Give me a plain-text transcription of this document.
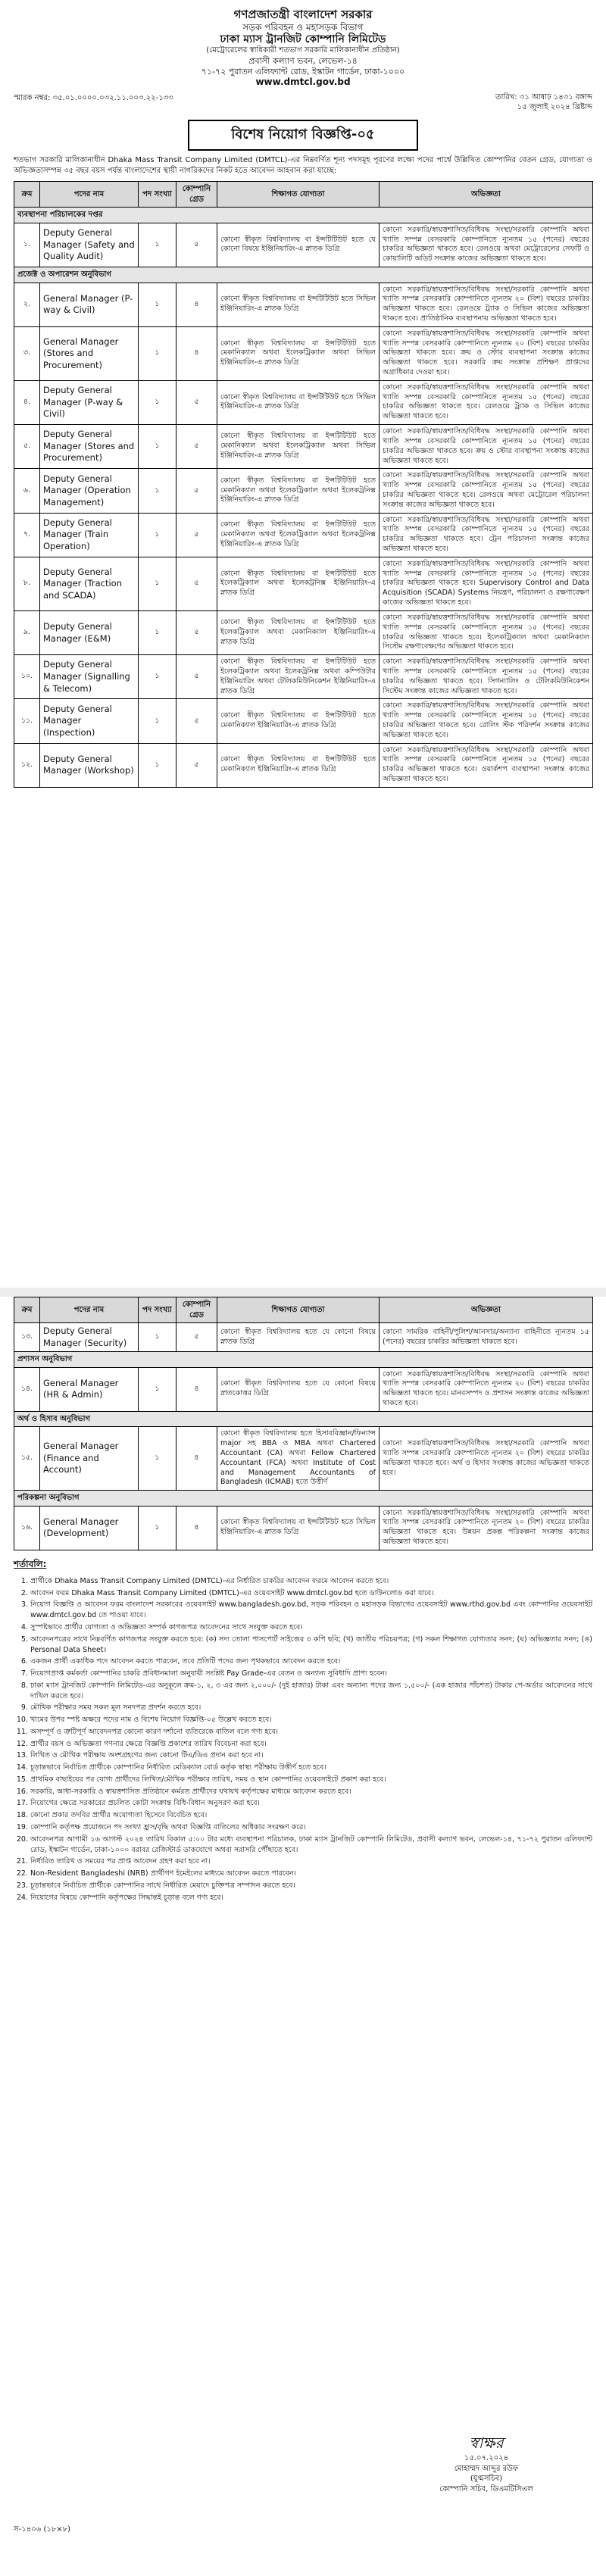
গণপ্রজাতন্ত্রী বাংলাদেশ সরকার
সড়ক পরিবহন ও মহাসড়ক বিভাগ
ঢাকা ম্যাস ট্রানজিট কোম্পানি লিমিটেড
(মেট্রোরেলের স্বাধিকারী শতভাগ সরকারি মালিকানাধীন প্রতিষ্ঠান)
প্রবাসী কল্যাণ ভবন, লেভেল-১৪
৭১-৭২ পুরাতন এলিফ্যান্ট রোড, ইস্কাটন গার্ডেন, ঢাকা-১০০০
www.dmtcl.gov.bd
স্মারক নম্বর: ৩৫.০১.০০০০.০৩২.১১.০০৩.২২-১৩৩	তারিখ: ৩১ আষাঢ় ১৪৩১ বঙ্গাব্দ
১৫ জুলাই ২০২৪ খ্রিষ্টাব্দ
বিশেষ নিয়োগ বিজ্ঞপ্তি-০৫
শতভাগ সরকারি মালিকানাধীন Dhaka Mass Transit Company Limited (DMTCL)-এর নিম্নবর্ণিত শূন্য পদসমূহ পূরণের লক্ষ্যে পদের পার্শ্বে উল্লিখিত কোম্পানির বেতন গ্রেড, যোগ্যতা ও অভিজ্ঞতাসম্পন্ন ৩৫ বছর বয়স পর্যন্ত বাংলাদেশের স্থায়ী নাগরিকদের নিকট হতে আবেদন আহবান করা যাচ্ছে:
ক্রম	পদের নাম	পদ সংখ্যা	কোম্পানি গ্রেড	শিক্ষাগত যোগ্যতা	অভিজ্ঞতা
ব্যবস্থাপনা পরিচালকের দপ্তর					
১.	Deputy General Manager (Safety and Quality Audit)	১	৫	কোনো স্বীকৃত বিশ্ববিদ্যালয় বা ইন্সটিটিউট হতে যে কোনো বিষয়ে ইঞ্জিনিয়ারিং-এ স্নাতক ডিগ্রি	কোনো সরকারি/স্বায়ত্তশাসিত/বিধিবদ্ধ সংস্থা/সরকারি কোম্পানি অথবা খ্যাতি সম্পন্ন বেসরকারি কোম্পানিতে ন্যূনতম ১৫ (পনের) বছরের চাকরির অভিজ্ঞতা থাকতে হবে। রেলওয়ে অথবা মেট্রোরেলের সেফটি ও কোয়ালিটি অডিট সংক্রান্ত কাজের অভিজ্ঞতা থাকতে হবে।
প্রজেক্ট ও অপারেশন অনুবিভাগ					
২.	General Manager (P-way & Civil)	১	৪	কোনো স্বীকৃত বিশ্ববিদ্যালয় বা ইন্সটিটিউট হতে সিভিল ইঞ্জিনিয়ারিং-এ স্নাতক ডিগ্রি	কোনো সরকারি/স্বায়ত্তশাসিত/বিধিবদ্ধ সংস্থা/সরকারি কোম্পানি অথবা খ্যাতি সম্পন্ন বেসরকারি কোম্পানিতে ন্যূনতম ২০ (বিশ) বছরের চাকরির অভিজ্ঞতা থাকতে হবে। রেলওয়ে ট্র্যাক ও সিভিল কাজের অভিজ্ঞতা থাকতে হবে। প্রাতিষ্ঠানিক ব্যবস্থাপনায় অভিজ্ঞতা থাকতে হবে।
৩.	General Manager (Stores and Procurement)	১	৪	কোনো স্বীকৃত বিশ্ববিদ্যালয় বা ইন্সটিটিউট হতে মেকানিক্যাল অথবা ইলেকট্রিক্যাল অথবা সিভিল ইঞ্জিনিয়ারিং-এ স্নাতক ডিগ্রি	কোনো সরকারি/স্বায়ত্তশাসিত/বিধিবদ্ধ সংস্থা/সরকারি কোম্পানি অথবা খ্যাতি সম্পন্ন বেসরকারি কোম্পানিতে ন্যূনতম ২০ (বিশ) বছরের চাকরির অভিজ্ঞতা থাকতে হবে। ক্রয় ও স্টোর ব্যবস্থাপনা সংক্রান্ত কাজের অভিজ্ঞতা থাকতে হবে। সরকারি ক্রয় সংক্রান্ত প্রশিক্ষণ প্রাপ্তদের অগ্রাধিকার দেওয়া হবে।
৪.	Deputy General Manager (P-way & Civil)	১	৫	কোনো স্বীকৃত বিশ্ববিদ্যালয় বা ইন্সটিটিউট হতে সিভিল ইঞ্জিনিয়ারিং-এ স্নাতক ডিগ্রি	কোনো সরকারি/স্বায়ত্তশাসিত/বিধিবদ্ধ সংস্থা/সরকারি কোম্পানি অথবা খ্যাতি সম্পন্ন বেসরকারি কোম্পানিতে ন্যূনতম ১৫ (পনের) বছরের চাকরির অভিজ্ঞতা থাকতে হবে। রেলওয়ে ট্র্যাক ও সিভিল কাজের অভিজ্ঞতা থাকতে হবে।
৫.	Deputy General Manager (Stores and Procurement)	১	৫	কোনো স্বীকৃত বিশ্ববিদ্যালয় বা ইন্সটিটিউট হতে মেকানিক্যাল অথবা ইলেকট্রিক্যাল অথবা সিভিল ইঞ্জিনিয়ারিং-এ স্নাতক ডিগ্রি	কোনো সরকারি/স্বায়ত্তশাসিত/বিধিবদ্ধ সংস্থা/সরকারি কোম্পানি অথবা খ্যাতি সম্পন্ন বেসরকারি কোম্পানিতে ন্যূনতম ১৫ (পনের) বছরের চাকরির অভিজ্ঞতা থাকতে হবে। ক্রয় ও স্টোর ব্যবস্থাপনা সংক্রান্ত কাজের অভিজ্ঞতা থাকতে হবে।
৬.	Deputy General Manager (Operation Management)	১	৫	কোনো স্বীকৃত বিশ্ববিদ্যালয় বা ইন্সটিটিউট হতে মেকানিক্যাল অথবা ইলেকট্রিক্যাল অথবা ইলেকট্রনিক্স ইঞ্জিনিয়ারিং-এ স্নাতক ডিগ্রি	কোনো সরকারি/স্বায়ত্তশাসিত/বিধিবদ্ধ সংস্থা/সরকারি কোম্পানি অথবা খ্যাতি সম্পন্ন বেসরকারি কোম্পানিতে ন্যূনতম ১৫ (পনের) বছরের চাকরির অভিজ্ঞতা থাকতে হবে। রেলওয়ে অথবা মেট্রোরেল পরিচালনা সংক্রান্ত কাজের অভিজ্ঞতা থাকতে হবে।
৭.	Deputy General Manager (Train Operation)	১	৫	কোনো স্বীকৃত বিশ্ববিদ্যালয় বা ইন্সটিটিউট হতে মেকানিক্যাল অথবা ইলেকট্রিক্যাল অথবা ইলেকট্রনিক্স ইঞ্জিনিয়ারিং-এ স্নাতক ডিগ্রি	কোনো সরকারি/স্বায়ত্তশাসিত/বিধিবদ্ধ সংস্থা/সরকারি কোম্পানি অথবা খ্যাতি সম্পন্ন বেসরকারি কোম্পানিতে ন্যূনতম ১৫ (পনের) বছরের চাকরির অভিজ্ঞতা থাকতে হবে। ট্রেন পরিচালনা সংক্রান্ত কাজের অভিজ্ঞতা থাকতে হবে।
৮.	Deputy General Manager (Traction and SCADA)	১	৫	কোনো স্বীকৃত বিশ্ববিদ্যালয় বা ইন্সটিটিউট হতে ইলেকট্রিক্যাল অথবা ইলেকট্রনিক্স ইঞ্জিনিয়ারিং-এ স্নাতক ডিগ্রি	কোনো সরকারি/স্বায়ত্তশাসিত/বিধিবদ্ধ সংস্থা/সরকারি কোম্পানি অথবা খ্যাতি সম্পন্ন বেসরকারি কোম্পানিতে ন্যূনতম ১৫ (পনের) বছরের চাকরির অভিজ্ঞতা থাকতে হবে। Supervisory Control and Data Acquisition (SCADA) Systems নিয়ন্ত্রণ, পরিচালনা ও রক্ষণাবেক্ষণ কাজের অভিজ্ঞতা থাকতে হবে।
৯.	Deputy General Manager (E&M)	১	৫	কোনো স্বীকৃত বিশ্ববিদ্যালয় বা ইন্সটিটিউট হতে ইলেকট্রিক্যাল অথবা মেকানিক্যাল ইঞ্জিনিয়ারিং-এ স্নাতক ডিগ্রি	কোনো সরকারি/স্বায়ত্তশাসিত/বিধিবদ্ধ সংস্থা/সরকারি কোম্পানি অথবা খ্যাতি সম্পন্ন বেসরকারি কোম্পানিতে ন্যূনতম ১৫ (পনের) বছরের চাকরির অভিজ্ঞতা থাকতে হবে। ইলেকট্রিক্যাল অথবা মেকানিক্যাল সিস্টেম রক্ষণাবেক্ষণের অভিজ্ঞতা থাকতে হবে।
১০.	Deputy General Manager (Signalling & Telecom)	১	৫	কোনো স্বীকৃত বিশ্ববিদ্যালয় বা ইন্সটিটিউট হতে ইলেকট্রিক্যাল অথবা ইলেকট্রনিক্স অথবা কম্পিউটার ইঞ্জিনিয়ারিং অথবা টেলিকমিউনিকেশন ইঞ্জিনিয়ারিং-এ স্নাতক ডিগ্রি	কোনো সরকারি/স্বায়ত্তশাসিত/বিধিবদ্ধ সংস্থা/সরকারি কোম্পানি অথবা খ্যাতি সম্পন্ন বেসরকারি কোম্পানিতে ন্যূনতম ১৫ (পনের) বছরের চাকরির অভিজ্ঞতা থাকতে হবে। সিগন্যালিং ও টেলিকমিউনিকেশন সিস্টেম সংক্রান্ত কাজের অভিজ্ঞতা থাকতে হবে।
১১.	Deputy General Manager (Inspection)	১	৫	কোনো স্বীকৃত বিশ্ববিদ্যালয় বা ইন্সটিটিউট হতে মেকানিক্যাল ইঞ্জিনিয়ারিং-এ স্নাতক ডিগ্রি	কোনো সরকারি/স্বায়ত্তশাসিত/বিধিবদ্ধ সংস্থা/সরকারি কোম্পানি অথবা খ্যাতি সম্পন্ন বেসরকারি কোম্পানিতে ন্যূনতম ১৫ (পনের) বছরের চাকরির অভিজ্ঞতা থাকতে হবে। রোলিং স্টক পরিদর্শন সংক্রান্ত কাজের অভিজ্ঞতা থাকতে হবে।
১২.	Deputy General Manager (Workshop)	১	৫	কোনো স্বীকৃত বিশ্ববিদ্যালয় বা ইন্সটিটিউট হতে মেকানিক্যাল ইঞ্জিনিয়ারিং-এ স্নাতক ডিগ্রি	কোনো সরকারি/স্বায়ত্তশাসিত/বিধিবদ্ধ সংস্থা/সরকারি কোম্পানি অথবা খ্যাতি সম্পন্ন বেসরকারি কোম্পানিতে ন্যূনতম ১৫ (পনের) বছরের চাকরির অভিজ্ঞতা থাকতে হবে। ওয়ার্কশপ ব্যবস্থাপনা সংক্রান্ত কাজের অভিজ্ঞতা থাকতে হবে।
ক্রম	পদের নাম	পদ সংখ্যা	কোম্পানি গ্রেড	শিক্ষাগত যোগ্যতা	অভিজ্ঞতা
১৩.	Deputy General Manager (Security)	১	৫	কোনো স্বীকৃত বিশ্ববিদ্যালয় হতে যে কোনো বিষয়ে স্নাতক ডিগ্রি	কোনো সামরিক বাহিনী/পুলিশ/আনসার/অন্যান্য বাহিনীতে ন্যূনতম ১৫ (পনের) বছরের চাকরির অভিজ্ঞতা থাকতে হবে।
প্রশাসন অনুবিভাগ					
১৪.	General Manager (HR & Admin)	১	৪	কোনো স্বীকৃত বিশ্ববিদ্যালয় হতে যে কোনো বিষয়ে স্নাতকোত্তর ডিগ্রি	কোনো সরকারি/স্বায়ত্তশাসিত/বিধিবদ্ধ সংস্থা/সরকারি কোম্পানি অথবা খ্যাতি সম্পন্ন বেসরকারি কোম্পানিতে ন্যূনতম ২০ (বিশ) বছরের চাকরির অভিজ্ঞতা থাকতে হবে। মানবসম্পদ ও প্রশাসন সংক্রান্ত কাজের অভিজ্ঞতা থাকতে হবে।
অর্থ ও হিসাব অনুবিভাগ					
১৫.	General Manager (Finance and Account)	১	৪	কোনো স্বীকৃত বিশ্ববিদ্যালয় হতে হিসাববিজ্ঞান/ফিন্যান্স major সহ BBA ও MBA অথবা Chartered Accountant (CA) অথবা Fellow Chartered Accountant (FCA) অথবা Institute of Cost and Management Accountants of Bangladesh (ICMAB) হতে উত্তীর্ণ	কোনো সরকারি/স্বায়ত্তশাসিত/বিধিবদ্ধ সংস্থা/সরকারি কোম্পানি অথবা খ্যাতি সম্পন্ন বেসরকারি কোম্পানিতে ন্যূনতম ২০ (বিশ) বছরের চাকরির অভিজ্ঞতা থাকতে হবে। অর্থ ও হিসাব সংক্রান্ত কাজের অভিজ্ঞতা থাকতে হবে।
পরিকল্পনা অনুবিভাগ					
১৬.	General Manager (Development)	১	৪	কোনো স্বীকৃত বিশ্ববিদ্যালয় বা ইন্সটিটিউট হতে সিভিল ইঞ্জিনিয়ারিং-এ স্নাতক ডিগ্রি	কোনো সরকারি/স্বায়ত্তশাসিত/বিধিবদ্ধ সংস্থা/সরকারি কোম্পানি অথবা খ্যাতি সম্পন্ন বেসরকারি কোম্পানিতে ন্যূনতম ২০ (বিশ) বছরের চাকরির অভিজ্ঞতা থাকতে হবে। উন্নয়ন প্রকল্প পরিকল্পনা সংক্রান্ত কাজের অভিজ্ঞতা থাকতে হবে।
শর্তাবলি:
1. প্রার্থীকে Dhaka Mass Transit Company Limited (DMTCL)-এর নির্ধারিত চাকরির আবেদন ফরমে আবেদন করতে হবে।
2. আবেদন ফরম Dhaka Mass Transit Company Limited (DMTCL)-এর ওয়েবসাইট www.dmtcl.gov.bd হতে ডাউনলোড করা যাবে।
3. নিয়োগ বিজ্ঞপ্তি ও আবেদন ফরম বাংলাদেশ সরকারের ওয়েবসাইট www.bangladesh.gov.bd, সড়ক পরিবহন ও মহাসড়ক বিভাগের ওয়েবসাইট www.rthd.gov.bd এবং কোম্পানির ওয়েবসাইট www.dmtcl.gov.bd তে পাওয়া যাবে।
4. সুস্পষ্টভাবে প্রার্থীর যোগ্যতা ও অভিজ্ঞতা সম্পর্ক কাগজপত্র আবেদনের সাথে সংযুক্ত করতে হবে।
5. আবেদনপত্রের সাথে নিম্নবর্ণিত কাগজপত্র সংযুক্ত করতে হবে: (ক) সদ্য তোলা পাসপোর্ট সাইজের ৩ কপি ছবি; (খ) জাতীয় পরিচয়পত্র; (গ) সকল শিক্ষাগত যোগ্যতার সনদ; (ঘ) অভিজ্ঞতার সনদ; (ঙ) Personal Data Sheet।
6. একজন প্রার্থী একাধিক পদে আবেদন করতে পারবেন, তবে প্রতিটি পদের জন্য পৃথকভাবে আবেদন করতে হবে।
7. নিয়োগপ্রাপ্ত কর্মকর্তা কোম্পানির চাকরি প্রবিধানমালা অনুযায়ী সংশ্লিষ্ট Pay Grade-এর বেতন ও অন্যান্য সুবিধাদি প্রাপ্য হবেন।
8. ঢাকা ম্যাস ট্রানজিট কোম্পানি লিমিটেড-এর অনুকূলে ক্রম-১, ২, ৩ এর জন্য ২,০০০/- (দুই হাজার) টাকা এবং অন্যান্য পদের জন্য ১,৫০০/- (এক হাজার পাঁচশত) টাকার পে-অর্ডার আবেদনের সাথে দাখিল করতে হবে।
9. মৌখিক পরীক্ষার সময় সকল মূল সনদপত্র প্রদর্শন করতে হবে।
10. খামের উপর স্পষ্ট অক্ষরে পদের নাম ও বিশেষ নিয়োগ বিজ্ঞপ্তি-০৫ উল্লেখ করতে হবে।
11. অসম্পূর্ণ ও ত্রুটিপূর্ণ আবেদনপত্র কোনো কারণ দর্শানো ব্যতিরেকে বাতিল বলে গণ্য হবে।
12. প্রার্থীর বয়স ও অভিজ্ঞতা গণনার ক্ষেত্রে বিজ্ঞপ্তি প্রকাশের তারিখ বিবেচনা করা হবে।
13. লিখিত ও মৌখিক পরীক্ষায় অংশগ্রহণের জন্য কোনো টিএ/ডিএ প্রদান করা হবে না।
14. চূড়ান্তভাবে নির্বাচিত প্রার্থীকে কোম্পানির নির্ধারিত মেডিক্যাল বোর্ড কর্তৃক স্বাস্থ্য পরীক্ষায় উত্তীর্ণ হতে হবে।
15. প্রাথমিক বাছাইয়ের পর যোগ্য প্রার্থীদের লিখিত/মৌখিক পরীক্ষার তারিখ, সময় ও স্থান কোম্পানির ওয়েবসাইটে প্রকাশ করা হবে।
16. সরকারি, আধা-সরকারি ও স্বায়ত্তশাসিত প্রতিষ্ঠানে কর্মরত প্রার্থীদের যথাযথ কর্তৃপক্ষের মাধ্যমে আবেদন করতে হবে।
17. নিয়োগের ক্ষেত্রে সরকারের প্রচলিত কোটা সংক্রান্ত বিধি-বিধান অনুসরণ করা হবে।
18. কোনো প্রকার তদবির প্রার্থীর অযোগ্যতা হিসেবে বিবেচিত হবে।
19. কোম্পানি কর্তৃপক্ষ প্রয়োজনে পদ সংখ্যা হ্রাস/বৃদ্ধি অথবা বিজ্ঞপ্তি বাতিলের অধিকার সংরক্ষণ করে।
20. আবেদনপত্র আগামী ১৬ আগস্ট ২০২৪ তারিখ বিকাল ৫:০০ টার মধ্যে ব্যবস্থাপনা পরিচালক, ঢাকা ম্যাস ট্রানজিট কোম্পানি লিমিটেড, প্রবাসী কল্যাণ ভবন, লেভেল-১৪, ৭১-৭২ পুরাতন এলিফ্যান্ট রোড, ইস্কাটন গার্ডেন, ঢাকা-১০০০ বরাবর রেজিস্টার্ড ডাকযোগে অথবা সরাসরি পৌঁছাতে হবে।
21. নির্ধারিত তারিখ ও সময়ের পর প্রাপ্ত আবেদন গ্রহণ করা হবে না।
22. Non-Resident Bangladeshi (NRB) প্রার্থীগণ ইমেইলের মাধ্যমে আবেদন করতে পারবেন।
23. চূড়ান্তভাবে নির্বাচিত প্রার্থীকে কোম্পানির সাথে নির্ধারিত মেয়াদে চুক্তিপত্র সম্পাদন করতে হবে।
24. নিয়োগের বিষয়ে কোম্পানি কর্তৃপক্ষের সিদ্ধান্তই চূড়ান্ত বলে গণ্য হবে।
স্বাক্ষর
১৫.০৭.২০২৪
মোহাম্মদ আব্দুর রউফ
(যুগ্মসচিব)
কোম্পানি সচিব, ডিএমটিসিএল
স-১৪০৬ (১৮×৮)
